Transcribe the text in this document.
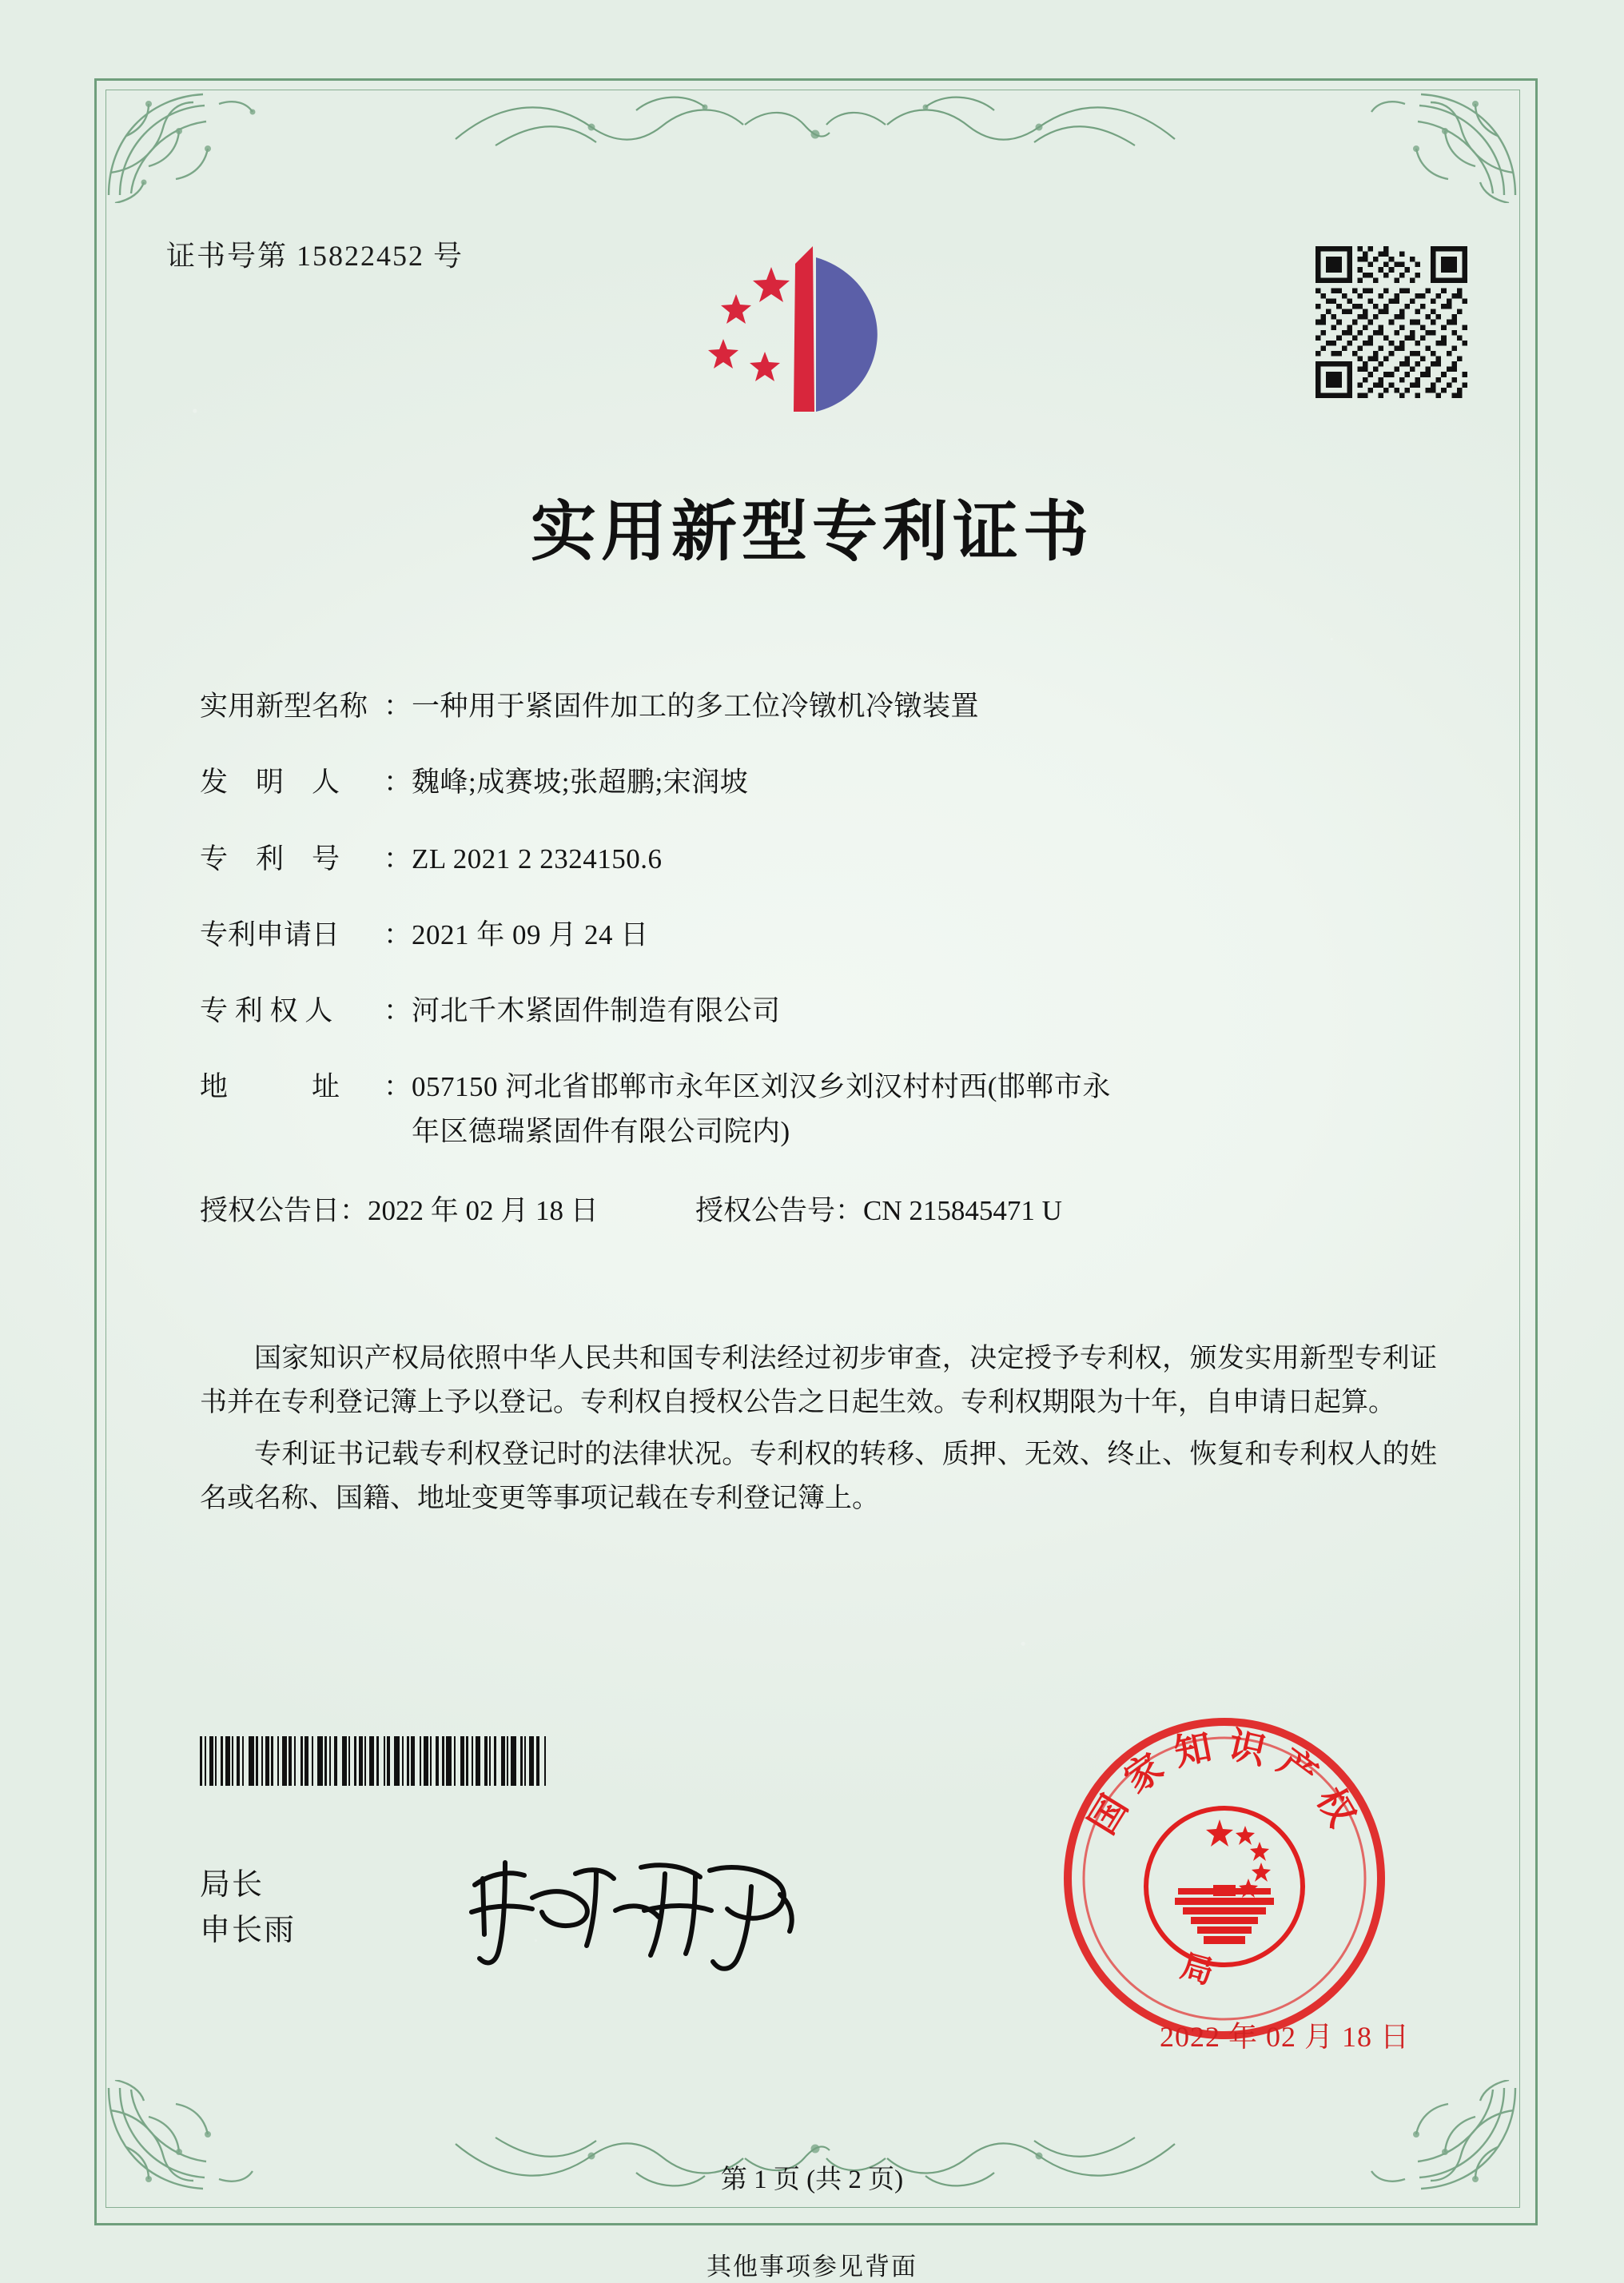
证书号第 15822452 号
实用新型专利证书
实用新型名称 ： 一种用于紧固件加工的多工位冷镦机冷镦装置
发　明　人	： 魏峰;成赛坡;张超鹏;宋润坡
专　利　号	： ZL 2021 2 2324150.6
专利申请日	： 2021 年 09 月 24 日
专 利 权 人	： 河北千木紧固件制造有限公司
地　　　址	： 057150 河北省邯郸市永年区刘汉乡刘汉村村西(邯郸市永
年区德瑞紧固件有限公司院内)
授权公告日：2022 年 02 月 18 日	授权公告号：CN 215845471 U

国家知识产权局依照中华人民共和国专利法经过初步审查，决定授予专利权，颁发实用新型专利证书并在专利登记簿上予以登记。专利权自授权公告之日起生效。专利权期限为十年，自申请日起算。

专利证书记载专利权登记时的法律状况。专利权的转移、质押、无效、终止、恢复和专利权人的姓名或名称、国籍、地址变更等事项记载在专利登记簿上。

局长
申长雨
国家知识产权
局
2022 年 02 月 18 日
第 1 页 (共 2 页)
其他事项参见背面
